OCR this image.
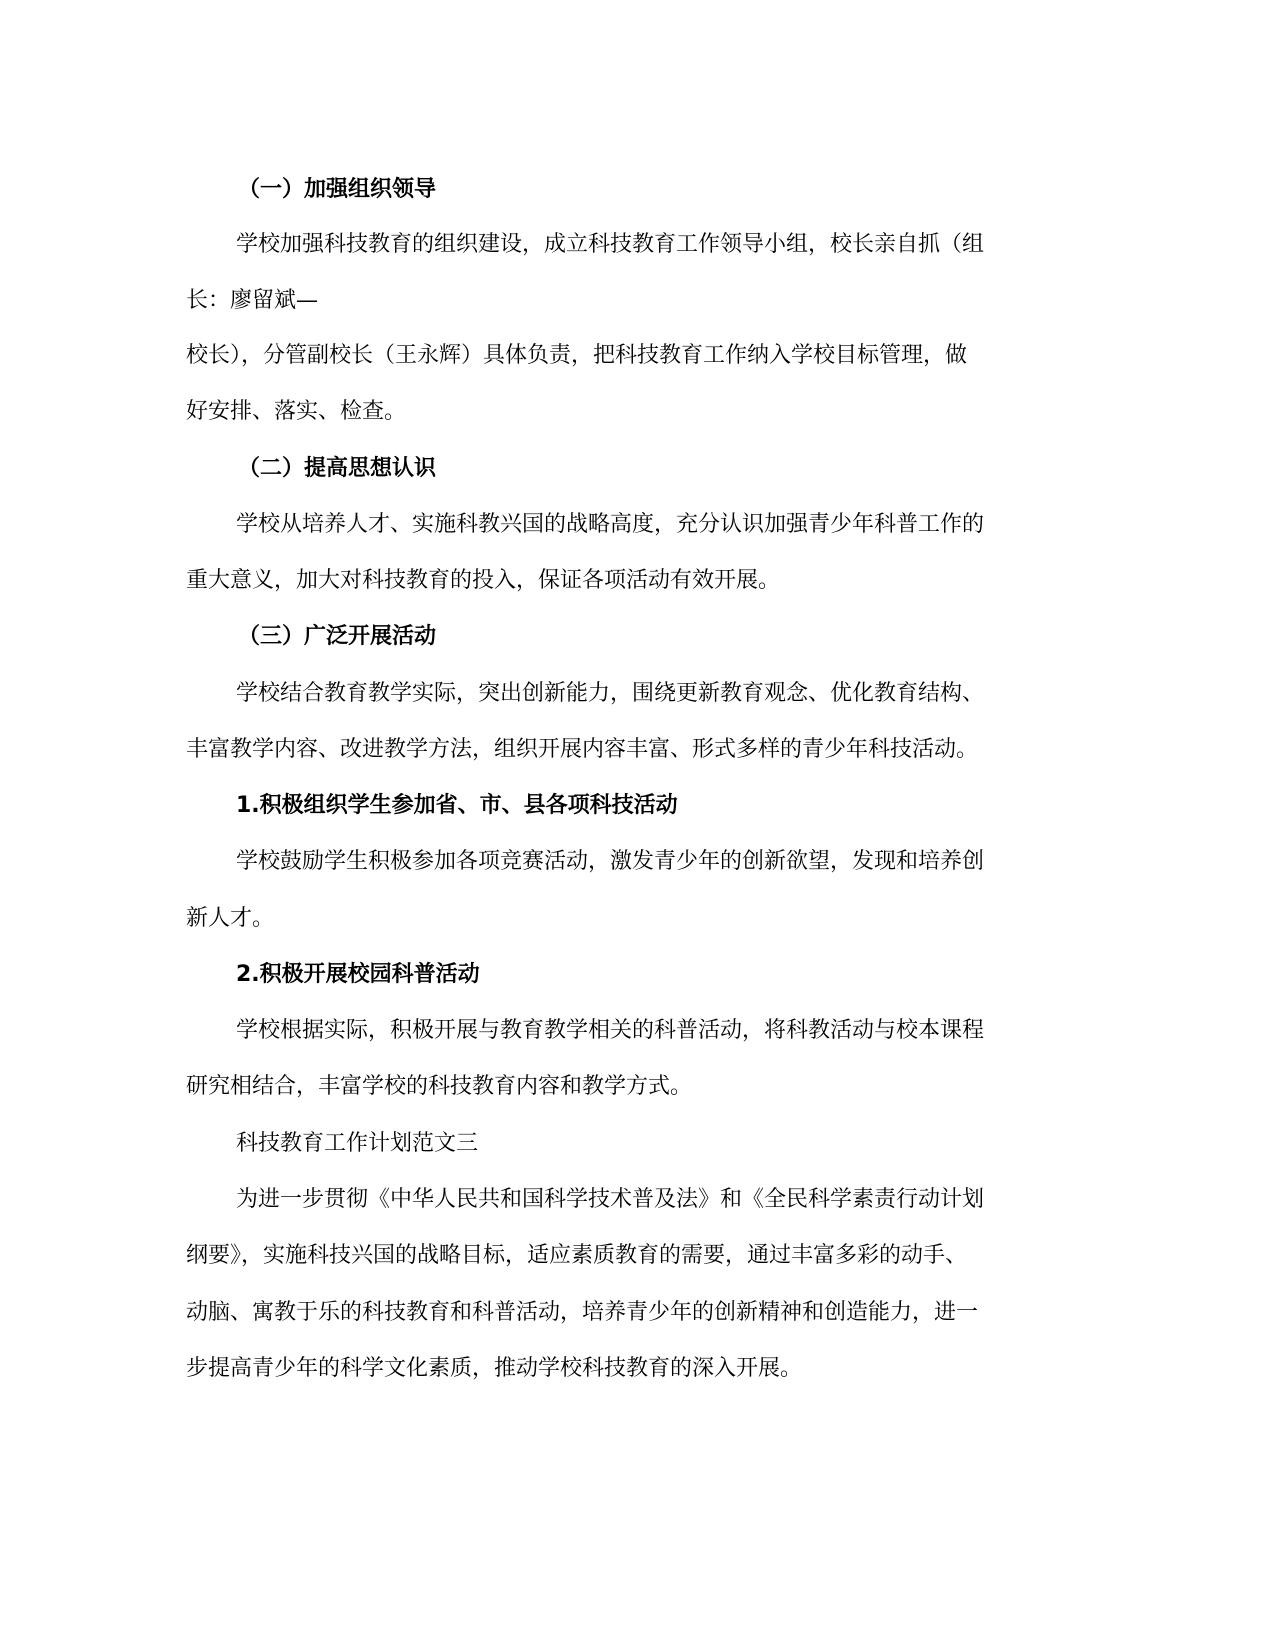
（一）加强组织领导
学校加强科技教育的组织建设，成立科技教育工作领导小组，校长亲自抓（组
长：廖留斌—
校长），分管副校长（王永辉）具体负责，把科技教育工作纳入学校目标管理，做
好安排、落实、检查。
（二）提高思想认识
学校从培养人才、实施科教兴国的战略高度，充分认识加强青少年科普工作的
重大意义，加大对科技教育的投入，保证各项活动有效开展。
（三）广泛开展活动
学校结合教育教学实际，突出创新能力，围绕更新教育观念、优化教育结构、
丰富教学内容、改进教学方法，组织开展内容丰富、形式多样的青少年科技活动。
1.积极组织学生参加省、市、县各项科技活动
学校鼓励学生积极参加各项竞赛活动，激发青少年的创新欲望，发现和培养创
新人才。
2.积极开展校园科普活动
学校根据实际，积极开展与教育教学相关的科普活动，将科教活动与校本课程
研究相结合，丰富学校的科技教育内容和教学方式。
科技教育工作计划范文三
为进一步贯彻《中华人民共和国科学技术普及法》和《全民科学素责行动计划
纲要》，实施科技兴国的战略目标，适应素质教育的需要，通过丰富多彩的动手、
动脑、寓教于乐的科技教育和科普活动，培养青少年的创新精神和创造能力，进一
步提高青少年的科学文化素质，推动学校科技教育的深入开展。
